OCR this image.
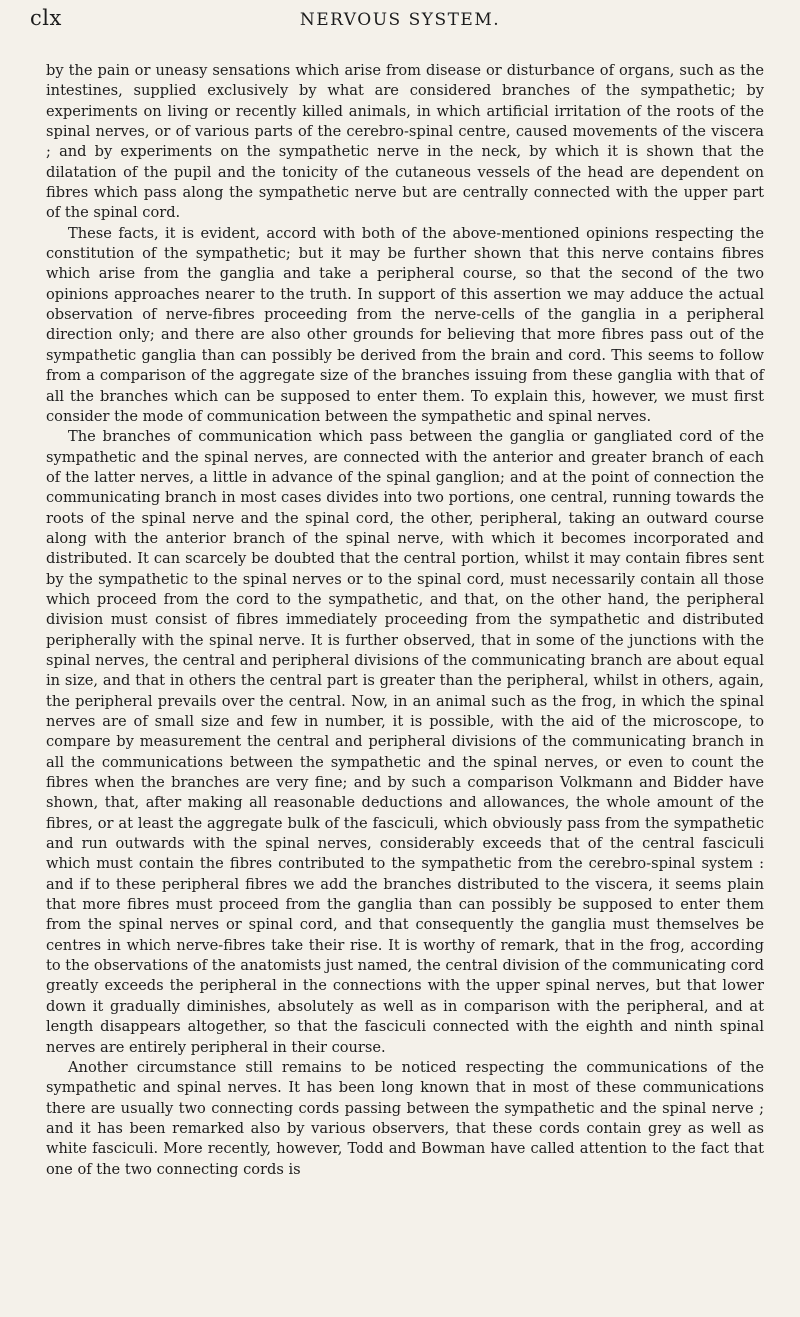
clx	NERVOUS SYSTEM.

by the pain or uneasy sensations which arise from disease or disturbance of organs, such as the intestines, supplied exclusively by what are considered branches of the sympathetic; by experiments on living or recently killed animals, in which artificial irritation of the roots of the spinal nerves, or of various parts of the cerebro-spinal centre, caused movements of the viscera ; and by experiments on the sympathetic nerve in the neck, by which it is shown that the dilatation of the pupil and the tonicity of the cutaneous vessels of the head are dependent on fibres which pass along the sympathetic nerve but are centrally connected with the upper part of the spinal cord.

These facts, it is evident, accord with both of the above-mentioned opinions respecting the constitution of the sympathetic; but it may be further shown that this nerve contains fibres which arise from the ganglia and take a peripheral course, so that the second of the two opinions approaches nearer to the truth. In support of this assertion we may adduce the actual observation of nerve-fibres proceeding from the nerve-cells of the ganglia in a peripheral direction only; and there are also other grounds for believing that more fibres pass out of the sympathetic ganglia than can possibly be derived from the brain and cord. This seems to follow from a comparison of the aggregate size of the branches issuing from these ganglia with that of all the branches which can be supposed to enter them. To explain this, however, we must first consider the mode of communication between the sympathetic and spinal nerves.

The branches of communication which pass between the ganglia or gangliated cord of the sympathetic and the spinal nerves, are connected with the anterior and greater branch of each of the latter nerves, a little in advance of the spinal ganglion; and at the point of connection the communicating branch in most cases divides into two portions, one central, running towards the roots of the spinal nerve and the spinal cord, the other, peripheral, taking an outward course along with the anterior branch of the spinal nerve, with which it becomes incorporated and distributed. It can scarcely be doubted that the central portion, whilst it may contain fibres sent by the sympathetic to the spinal nerves or to the spinal cord, must necessarily contain all those which proceed from the cord to the sympathetic, and that, on the other hand, the peripheral division must consist of fibres immediately proceeding from the sympathetic and distributed peripherally with the spinal nerve. It is further observed, that in some of the junctions with the spinal nerves, the central and peripheral divisions of the communicating branch are about equal in size, and that in others the central part is greater than the peripheral, whilst in others, again, the peripheral prevails over the central. Now, in an animal such as the frog, in which the spinal nerves are of small size and few in number, it is possible, with the aid of the microscope, to compare by measurement the central and peripheral divisions of the communicating branch in all the communications between the sympathetic and the spinal nerves, or even to count the fibres when the branches are very fine; and by such a comparison Volkmann and Bidder have shown, that, after making all reasonable deductions and allowances, the whole amount of the fibres, or at least the aggregate bulk of the fasciculi, which obviously pass from the sympathetic and run outwards with the spinal nerves, considerably exceeds that of the central fasciculi which must contain the fibres contributed to the sympathetic from the cerebro-spinal system : and if to these peripheral fibres we add the branches distributed to the viscera, it seems plain that more fibres must proceed from the ganglia than can possibly be supposed to enter them from the spinal nerves or spinal cord, and that consequently the ganglia must themselves be centres in which nerve-fibres take their rise. It is worthy of remark, that in the frog, according to the observations of the anatomists just named, the central division of the communicating cord greatly exceeds the peripheral in the connections with the upper spinal nerves, but that lower down it gradually diminishes, absolutely as well as in comparison with the peripheral, and at length disappears altogether, so that the fasciculi connected with the eighth and ninth spinal nerves are entirely peripheral in their course.

Another circumstance still remains to be noticed respecting the communications of the sympathetic and spinal nerves. It has been long known that in most of these communications there are usually two connecting cords passing between the sympathetic and the spinal nerve ; and it has been remarked also by various observers, that these cords contain grey as well as white fasciculi. More recently, however, Todd and Bowman have called attention to the fact that one of the two connecting cords is
